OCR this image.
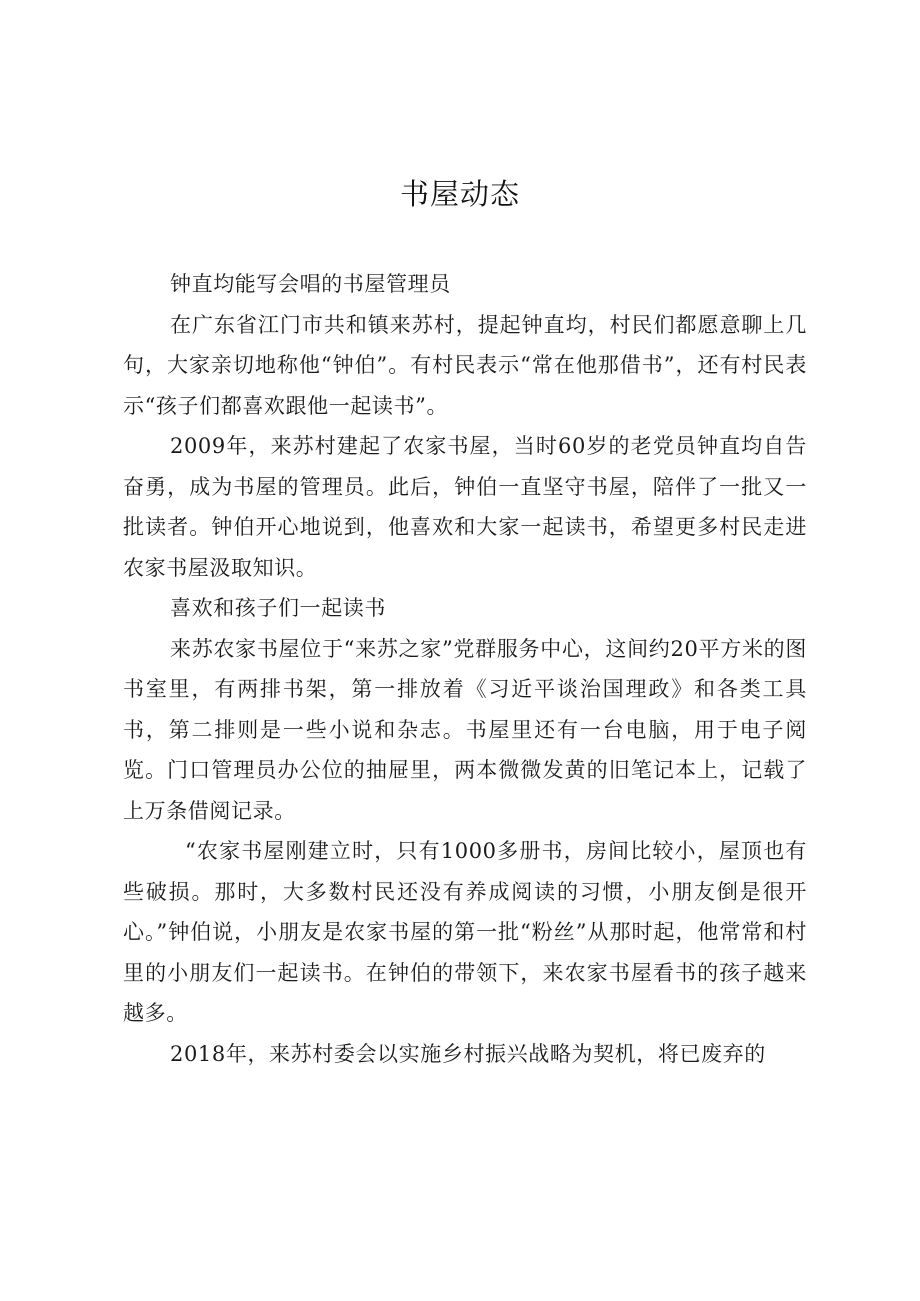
书屋动态

钟直均能写会唱的书屋管理员

在广东省江门市共和镇来苏村，提起钟直均，村民们都愿意聊上几句，大家亲切地称他“钟伯”。有村民表示“常在他那借书”，还有村民表示“孩子们都喜欢跟他一起读书”。

2009年，来苏村建起了农家书屋，当时60岁的老党员钟直均自告奋勇，成为书屋的管理员。此后，钟伯一直坚守书屋，陪伴了一批又一批读者。钟伯开心地说到，他喜欢和大家一起读书，希望更多村民走进农家书屋汲取知识。

喜欢和孩子们一起读书

来苏农家书屋位于“来苏之家”党群服务中心，这间约20平方米的图书室里，有两排书架，第一排放着《习近平谈治国理政》和各类工具书，第二排则是一些小说和杂志。书屋里还有一台电脑，用于电子阅览。门口管理员办公位的抽屉里，两本微微发黄的旧笔记本上，记载了上万条借阅记录。

“农家书屋刚建立时，只有1000多册书，房间比较小，屋顶也有些破损。那时，大多数村民还没有养成阅读的习惯，小朋友倒是很开心。”钟伯说，小朋友是农家书屋的第一批“粉丝”从那时起，他常常和村里的小朋友们一起读书。在钟伯的带领下，来农家书屋看书的孩子越来越多。

2018年，来苏村委会以实施乡村振兴战略为契机，将已废弃的
